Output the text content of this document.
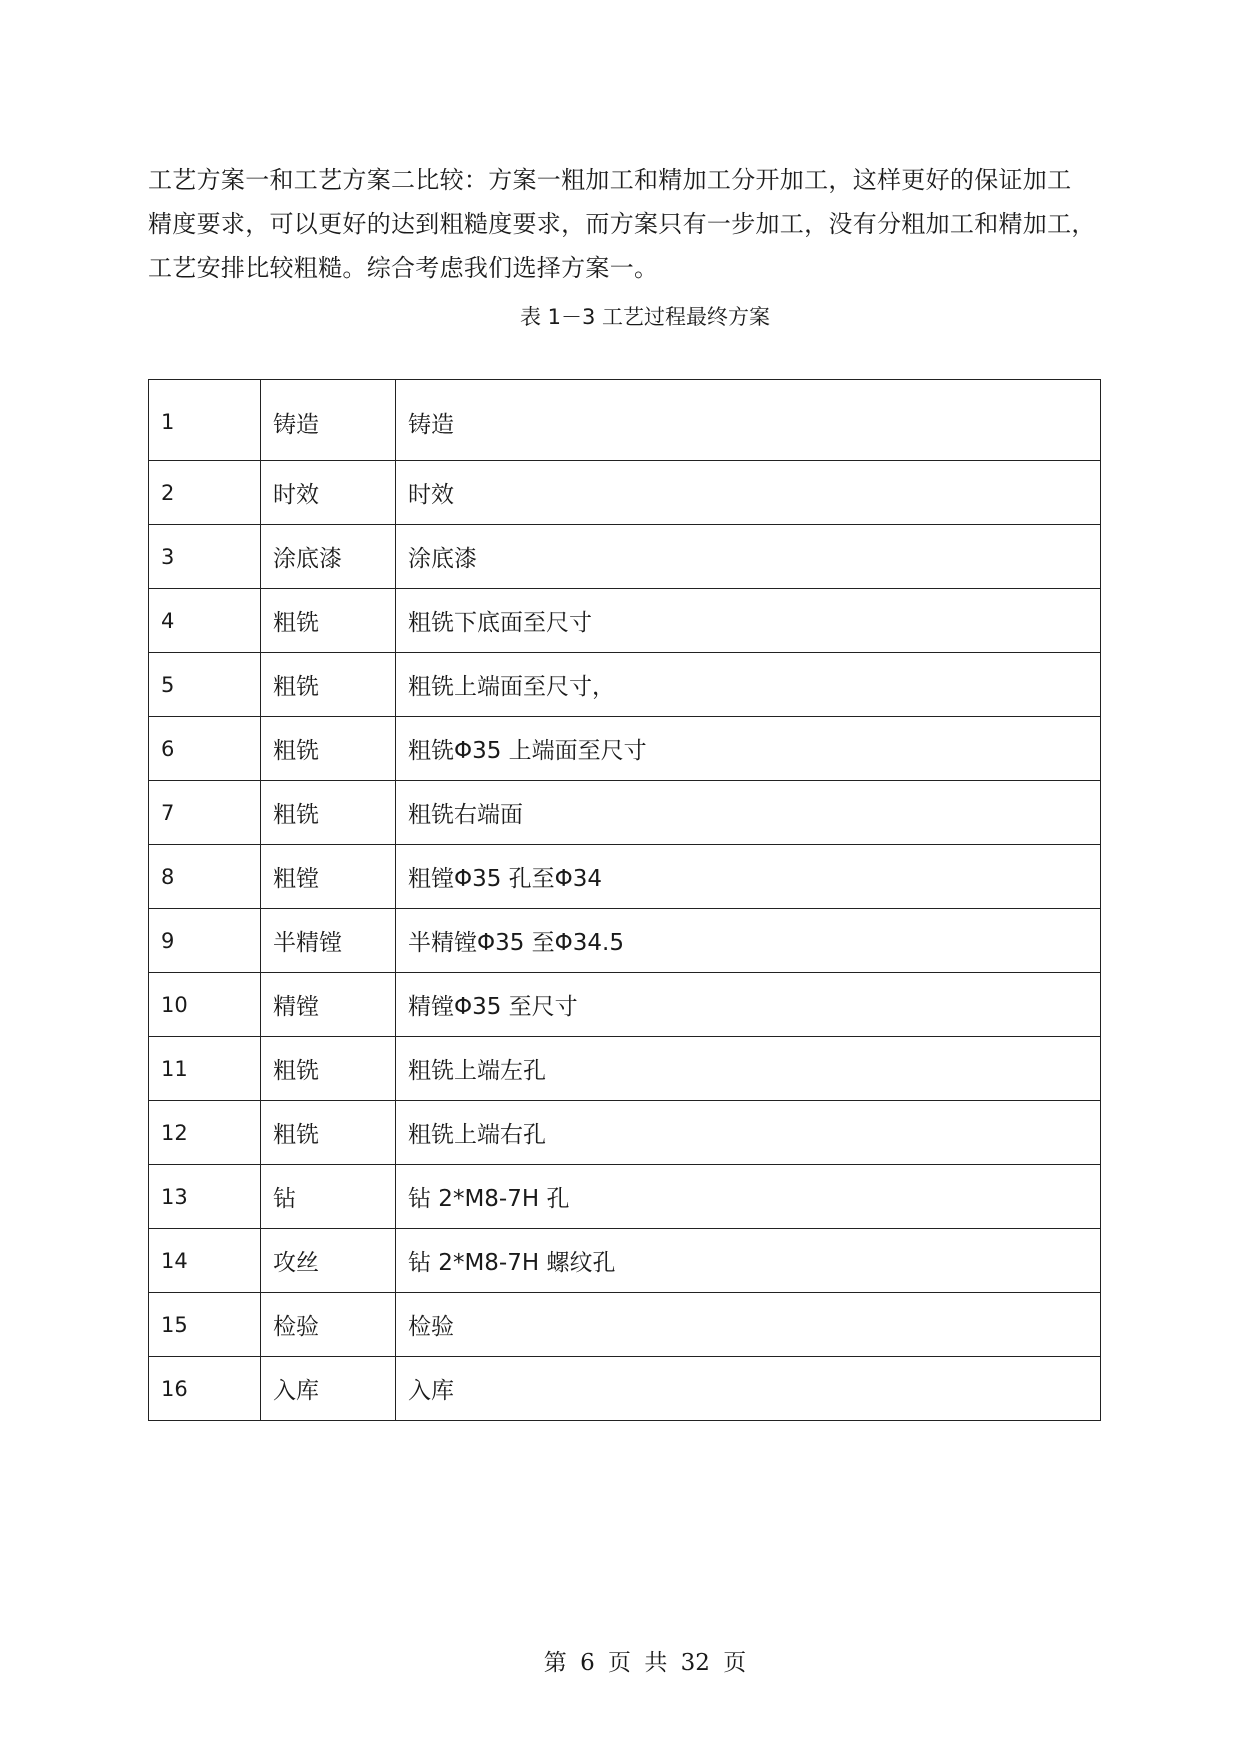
工艺方案一和工艺方案二比较：方案一粗加工和精加工分开加工，这样更好的保证加工
精度要求，可以更好的达到粗糙度要求，而方案只有一步加工，没有分粗加工和精加工，
工艺安排比较粗糙。综合考虑我们选择方案一。

表 1－3 工艺过程最终方案

1	铸造	铸造
2	时效	时效
3	涂底漆	涂底漆
4	粗铣	粗铣下底面至尺寸
5	粗铣	粗铣上端面至尺寸，
6	粗铣	粗铣Φ35 上端面至尺寸
7	粗铣	粗铣右端面
8	粗镗	粗镗Φ35 孔至Φ34
9	半精镗	半精镗Φ35 至Φ34.5
10	精镗	精镗Φ35 至尺寸
11	粗铣	粗铣上端左孔
12	粗铣	粗铣上端右孔
13	钻	钻 2*M8-7H 孔
14	攻丝	钻 2*M8-7H 螺纹孔
15	检验	检验
16	入库	入库

第 6 页 共 32 页
